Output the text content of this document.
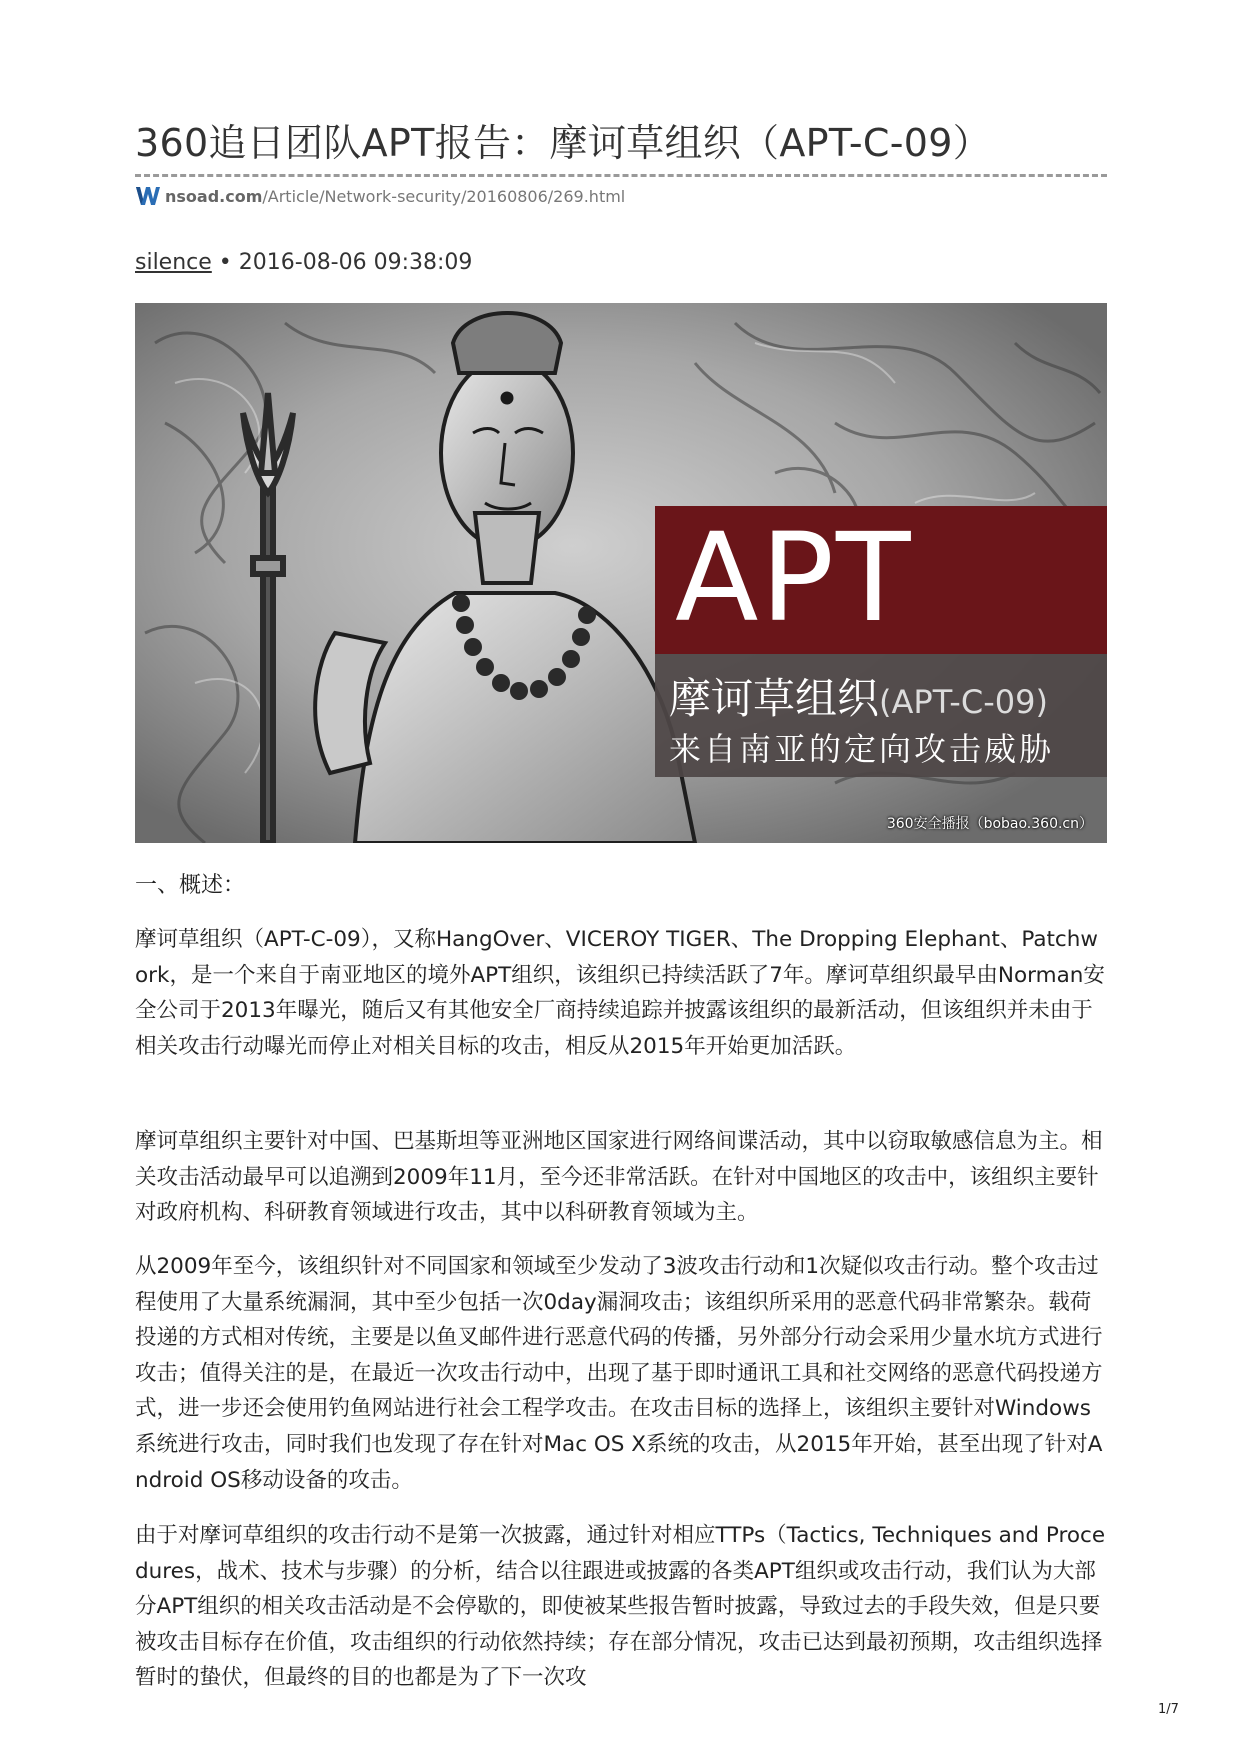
360追日团队APT报告：摩诃草组织（APT-C-09）
nsoad.com /Article/Network-security/20160806/269.html
silence • 2016-08-06 09:38:09
APT
摩诃草组织(APT-C-09)
来自南亚的定向攻击威胁
360安全播报（bobao.360.cn）
一、概述：

摩诃草组织（APT-C-09），又称HangOver、VICEROY TIGER、The Dropping Elephant、Patchwork，是一个来自于南亚地区的境外APT组织，该组织已持续活跃了7年。摩诃草组织最早由Norman安全公司于2013年曝光，随后又有其他安全厂商持续追踪并披露该组织的最新活动，但该组织并未由于相关攻击行动曝光而停止对相关目标的攻击，相反从2015年开始更加活跃。

摩诃草组织主要针对中国、巴基斯坦等亚洲地区国家进行网络间谍活动，其中以窃取敏感信息为主。相关攻击活动最早可以追溯到2009年11月，至今还非常活跃。在针对中国地区的攻击中，该组织主要针对政府机构、科研教育领域进行攻击，其中以科研教育领域为主。

从2009年至今，该组织针对不同国家和领域至少发动了3波攻击行动和1次疑似攻击行动。整个攻击过程使用了大量系统漏洞，其中至少包括一次0day漏洞攻击；该组织所采用的恶意代码非常繁杂。载荷投递的方式相对传统，主要是以鱼叉邮件进行恶意代码的传播，另外部分行动会采用少量水坑方式进行攻击；值得关注的是，在最近一次攻击行动中，出现了基于即时通讯工具和社交网络的恶意代码投递方式，进一步还会使用钓鱼网站进行社会工程学攻击。在攻击目标的选择上，该组织主要针对Windows系统进行攻击，同时我们也发现了存在针对Mac OS X系统的攻击，从2015年开始，甚至出现了针对Android OS移动设备的攻击。

由于对摩诃草组织的攻击行动不是第一次披露，通过针对相应TTPs（Tactics, Techniques and Procedures，战术、技术与步骤）的分析，结合以往跟进或披露的各类APT组织或攻击行动，我们认为大部分APT组织的相关攻击活动是不会停歇的，即使被某些报告暂时披露，导致过去的手段失效，但是只要被攻击目标存在价值，攻击组织的行动依然持续；存在部分情况，攻击已达到最初预期，攻击组织选择暂时的蛰伏，但最终的目的也都是为了下一次攻

1/7
